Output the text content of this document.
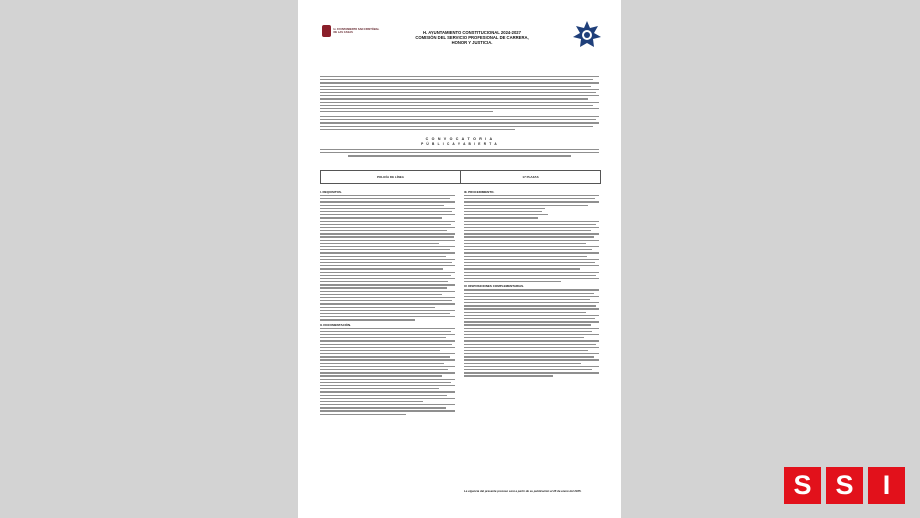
H. AYUNTAMIENTO SAN CRISTÓBAL DE LAS CASAS	H. AYUNTAMIENTO CONSTITUCIONAL 2024-2027
COMISIÓN DEL SERVICIO PROFESIONAL DE CARRERA,
HONOR Y JUSTICIA.
C O N V O C A T O R I A
P Ú B L I C A Y A B I E R T A
POLICÍA DE LÍNEA	17 PLAZAS
I. REQUISITOS.
II. DOCUMENTACIÓN.
III. PROCEDIMIENTO.
IV. DISPOSICIONES COMPLEMENTARIAS.
La vigencia del presente proceso será a partir de su publicación el 28 de enero del 2025.	S S	I
